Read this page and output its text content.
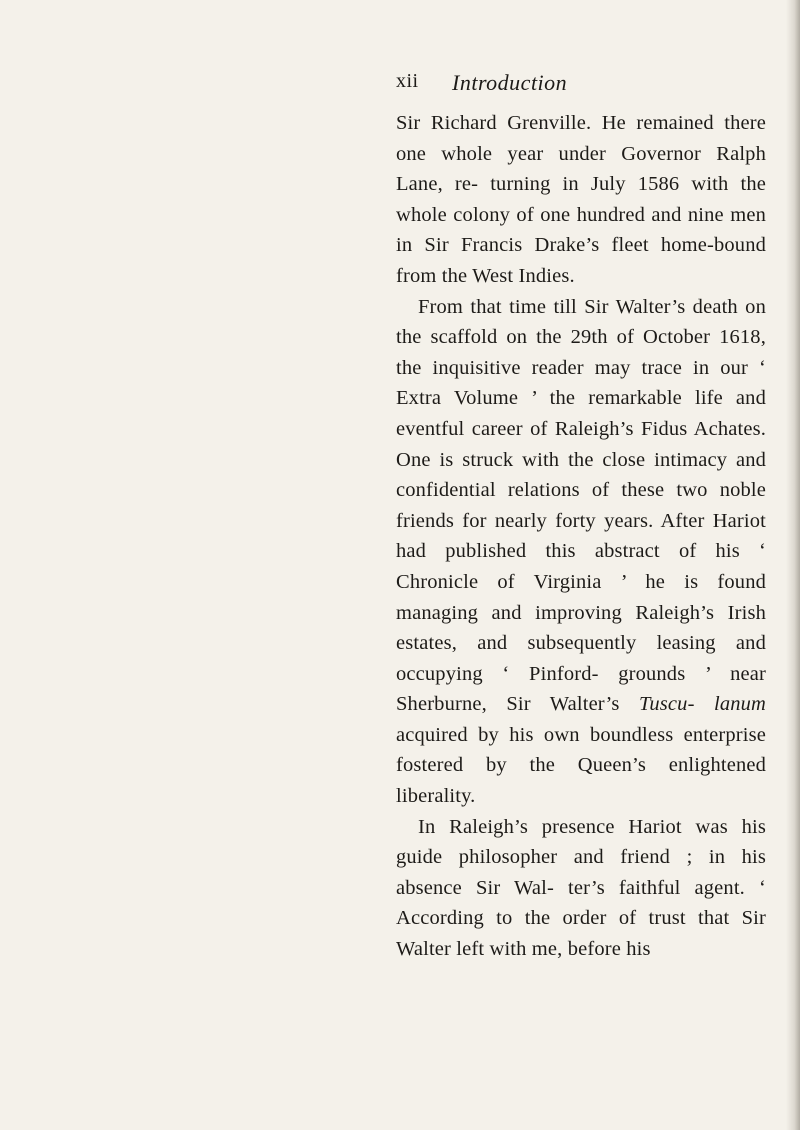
xii Introduction

Sir Richard Grenville. He remained there one whole year under Governor Ralph Lane, re- turning in July 1586 with the whole colony of one hundred and nine men in Sir Francis Drake’s fleet home-bound from the West Indies.

From that time till Sir Walter’s death on the scaffold on the 29th of October 1618, the inquisitive reader may trace in our ‘ Extra Volume ’ the remarkable life and eventful career of Raleigh’s Fidus Achates. One is struck with the close intimacy and confidential relations of these two noble friends for nearly forty years. After Hariot had published this abstract of his ‘ Chronicle of Virginia ’ he is found managing and improving Raleigh’s Irish estates, and subsequently leasing and occupying ‘ Pinford- grounds ’ near Sherburne, Sir Walter’s Tuscu- lanum acquired by his own boundless enterprise fostered by the Queen’s enlightened liberality.

In Raleigh’s presence Hariot was his guide philosopher and friend ; in his absence Sir Wal- ter’s faithful agent. ‘ According to the order of trust that Sir Walter left with me, before his
